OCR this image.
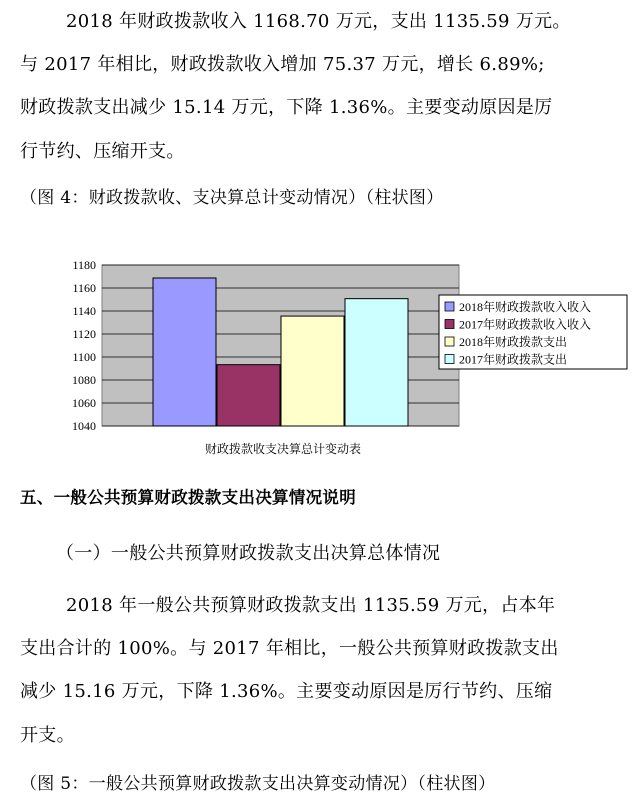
2018 年财政拨款收入 1168.70 万元，支出 1135.59 万元。
与 2017 年相比，财政拨款收入增加 75.37 万元，增长 6.89%;
财政拨款支出减少 15.14 万元，下降 1.36%。主要变动原因是厉
行节约、压缩开支。
（图 4：财政拨款收、支决算总计变动情况）（柱状图）
1180
1160
1140
1120
1100
1080
1060
1040
2018年财政拨款收入收入
2017年财政拨款收入收入
2018年财政拨款支出
2017年财政拨款支出
财政拨款收支决算总计变动表
五、一般公共预算财政拨款支出决算情况说明
（一）一般公共预算财政拨款支出决算总体情况
2018 年一般公共预算财政拨款支出 1135.59 万元，占本年
支出合计的 100%。与 2017 年相比，一般公共预算财政拨款支出
减少 15.16 万元，下降 1.36%。主要变动原因是厉行节约、压缩
开支。
（图 5：一般公共预算财政拨款支出决算变动情况）（柱状图）
